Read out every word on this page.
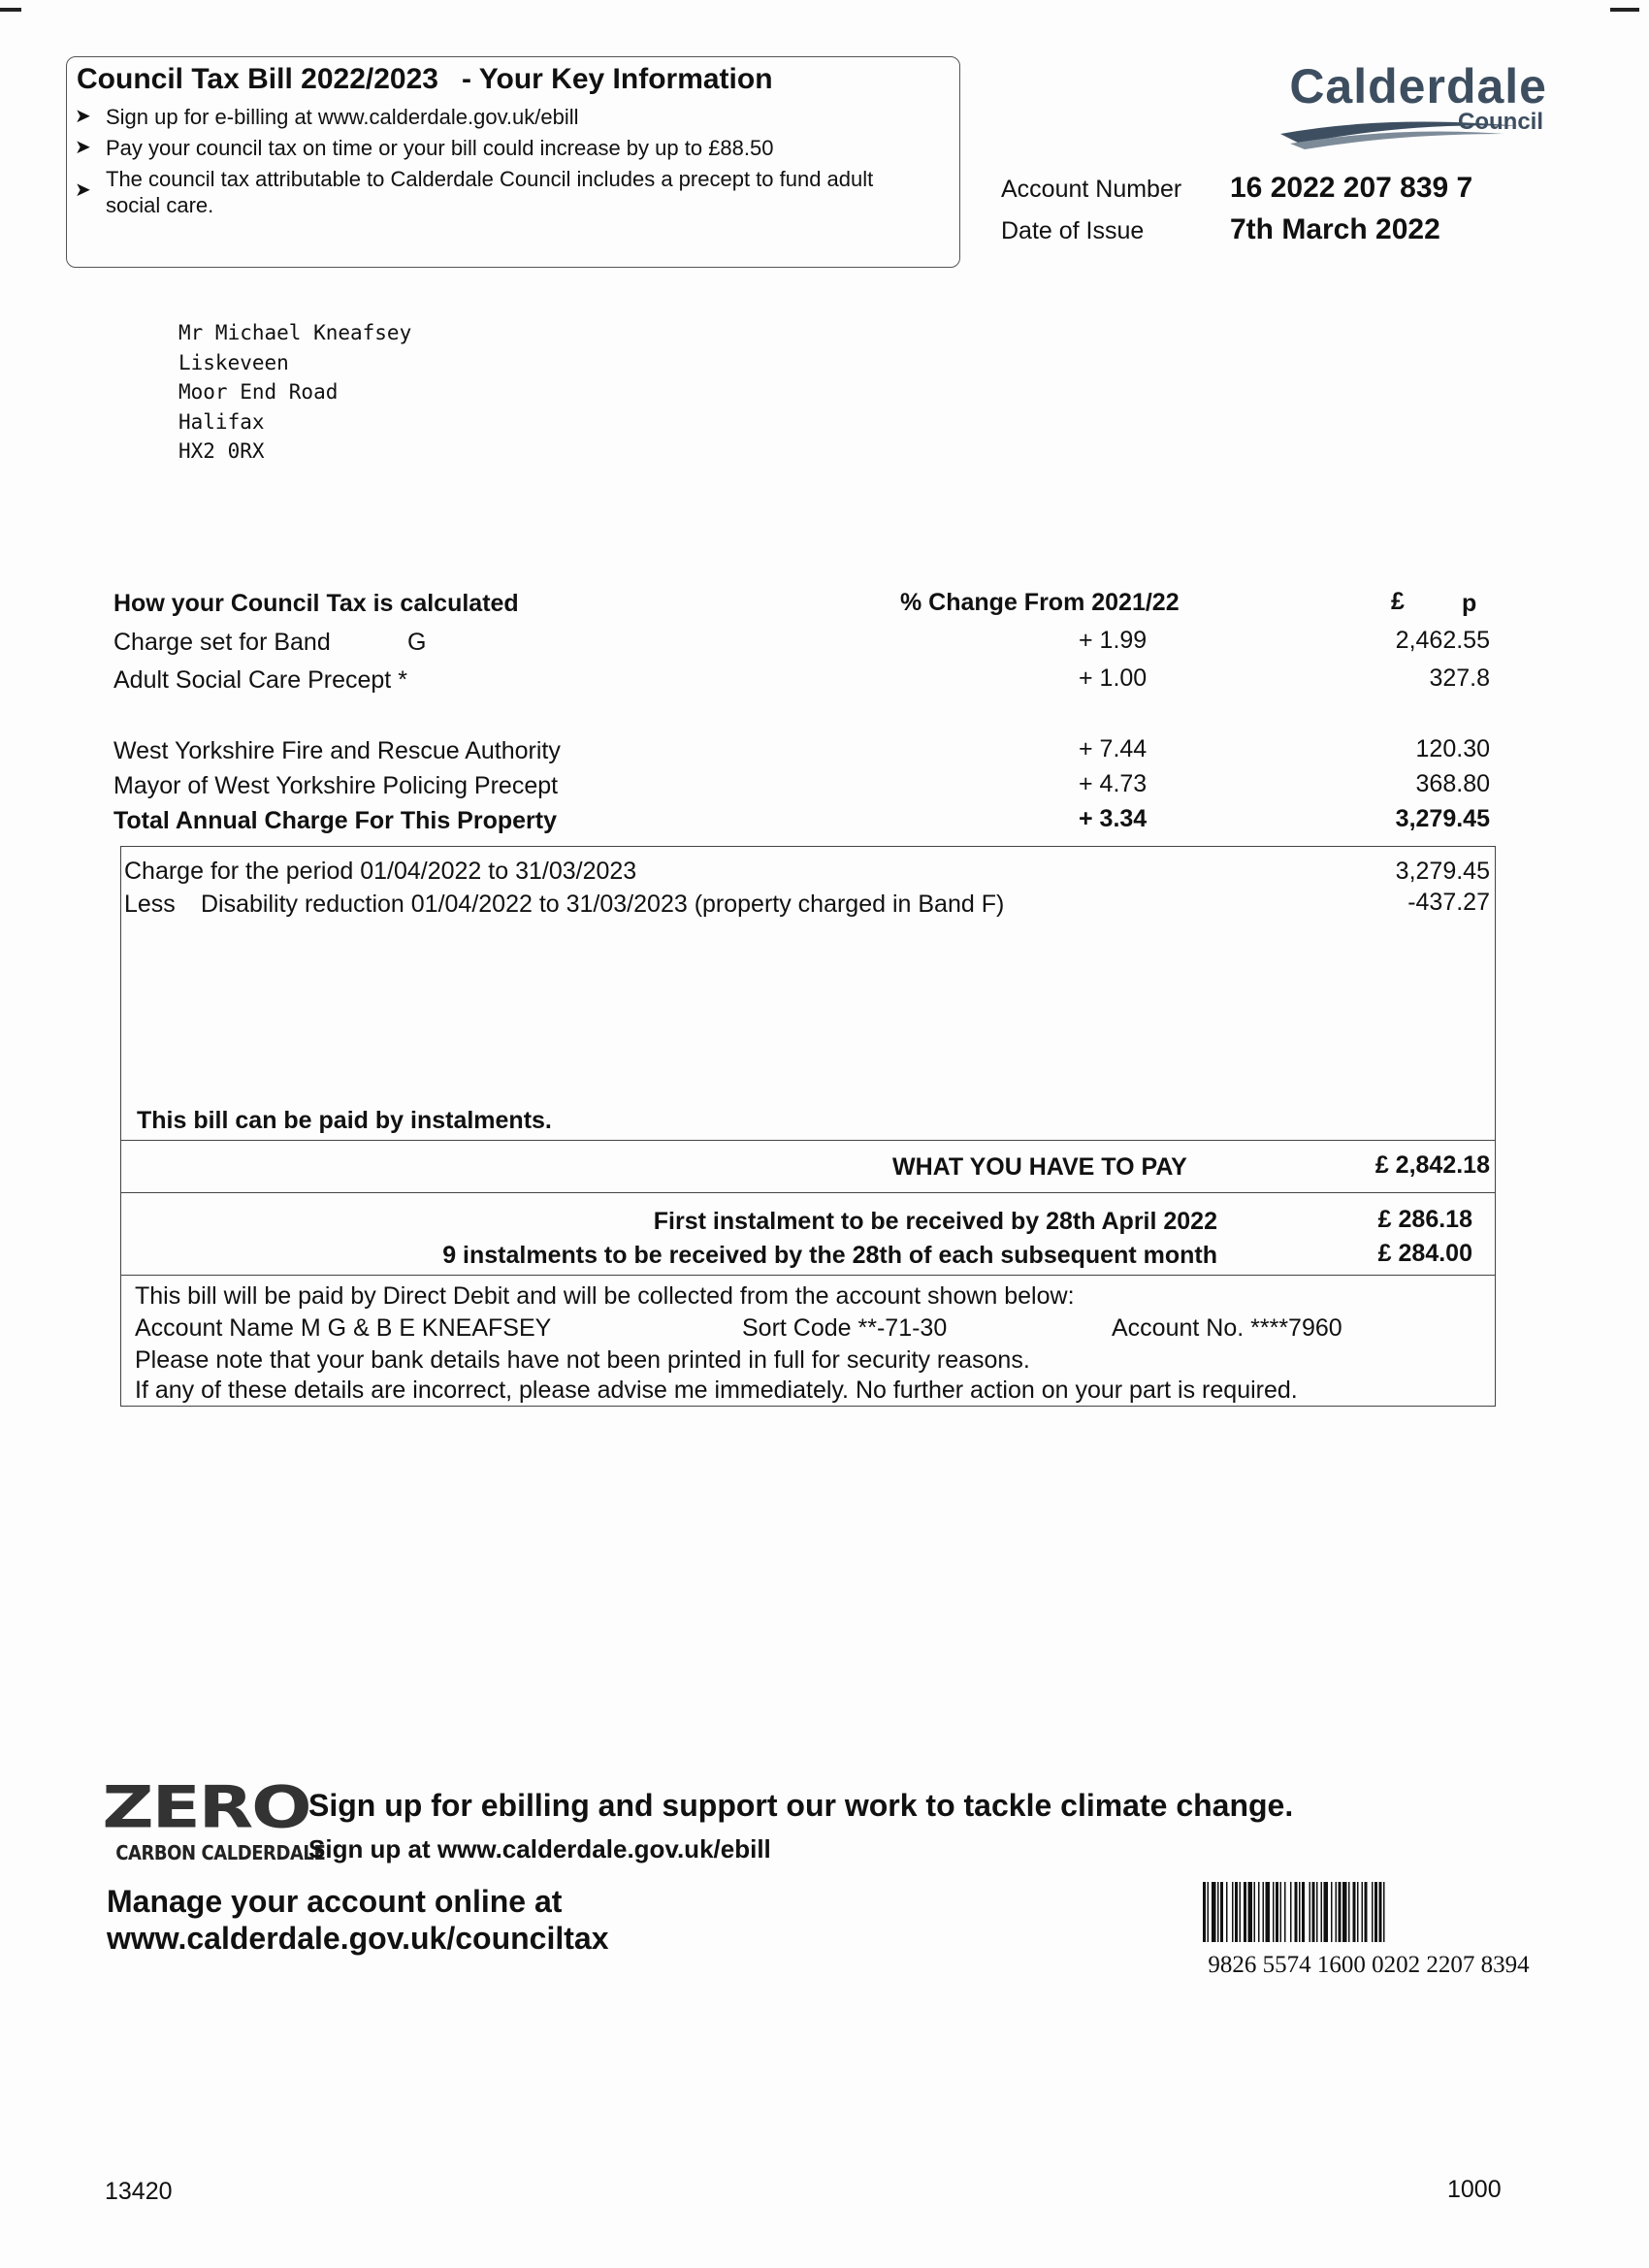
Council Tax Bill 2022/2023 - Your Key Information
➤ Sign up for e-billing at www.calderdale.gov.uk/ebill
➤ Pay your council tax on time or your bill could increase by up to £88.50
➤ The council tax attributable to Calderdale Council includes a precept to fund adult social care.
Calderdale
Council
Account Number 16 2022 207 839 7
Date of Issue	7th March 2022
Mr Michael Kneafsey
Liskeveen
Moor End Road
Halifax
HX2 0RX
How your Council Tax is calculated	% Change From 2021/22	£ p
Charge set for Band	G	+ 1.99	2,462.55
Adult Social Care Precept *	+ 1.00	327.8
West Yorkshire Fire and Rescue Authority	+ 7.44	120.30
Mayor of West Yorkshire Policing Precept	+ 4.73	368.80
Total Annual Charge For This Property	+ 3.34	3,279.45
Charge for the period 01/04/2022 to 31/03/2023	3,279.45
Less Disability reduction 01/04/2022 to 31/03/2023 (property charged in Band F)	-437.27
This bill can be paid by instalments.
WHAT YOU HAVE TO PAY	£ 2,842.18
First instalment to be received by 28th April 2022	£ 286.18
9 instalments to be received by the 28th of each subsequent month	£ 284.00
This bill will be paid by Direct Debit and will be collected from the account shown below:
Account Name M G & B E KNEAFSEY	Sort Code **-71-30	Account No. ****7960
Please note that your bank details have not been printed in full for security reasons.
If any of these details are incorrect, please advise me immediately. No further action on your part is required.
ZERO
CARBON CALDERDALE
Sign up for ebilling and support our work to tackle climate change.
Sign up at www.calderdale.gov.uk/ebill
Manage your account online at
www.calderdale.gov.uk/counciltax
9826 5574 1600 0202 2207 8394
13420	1000
